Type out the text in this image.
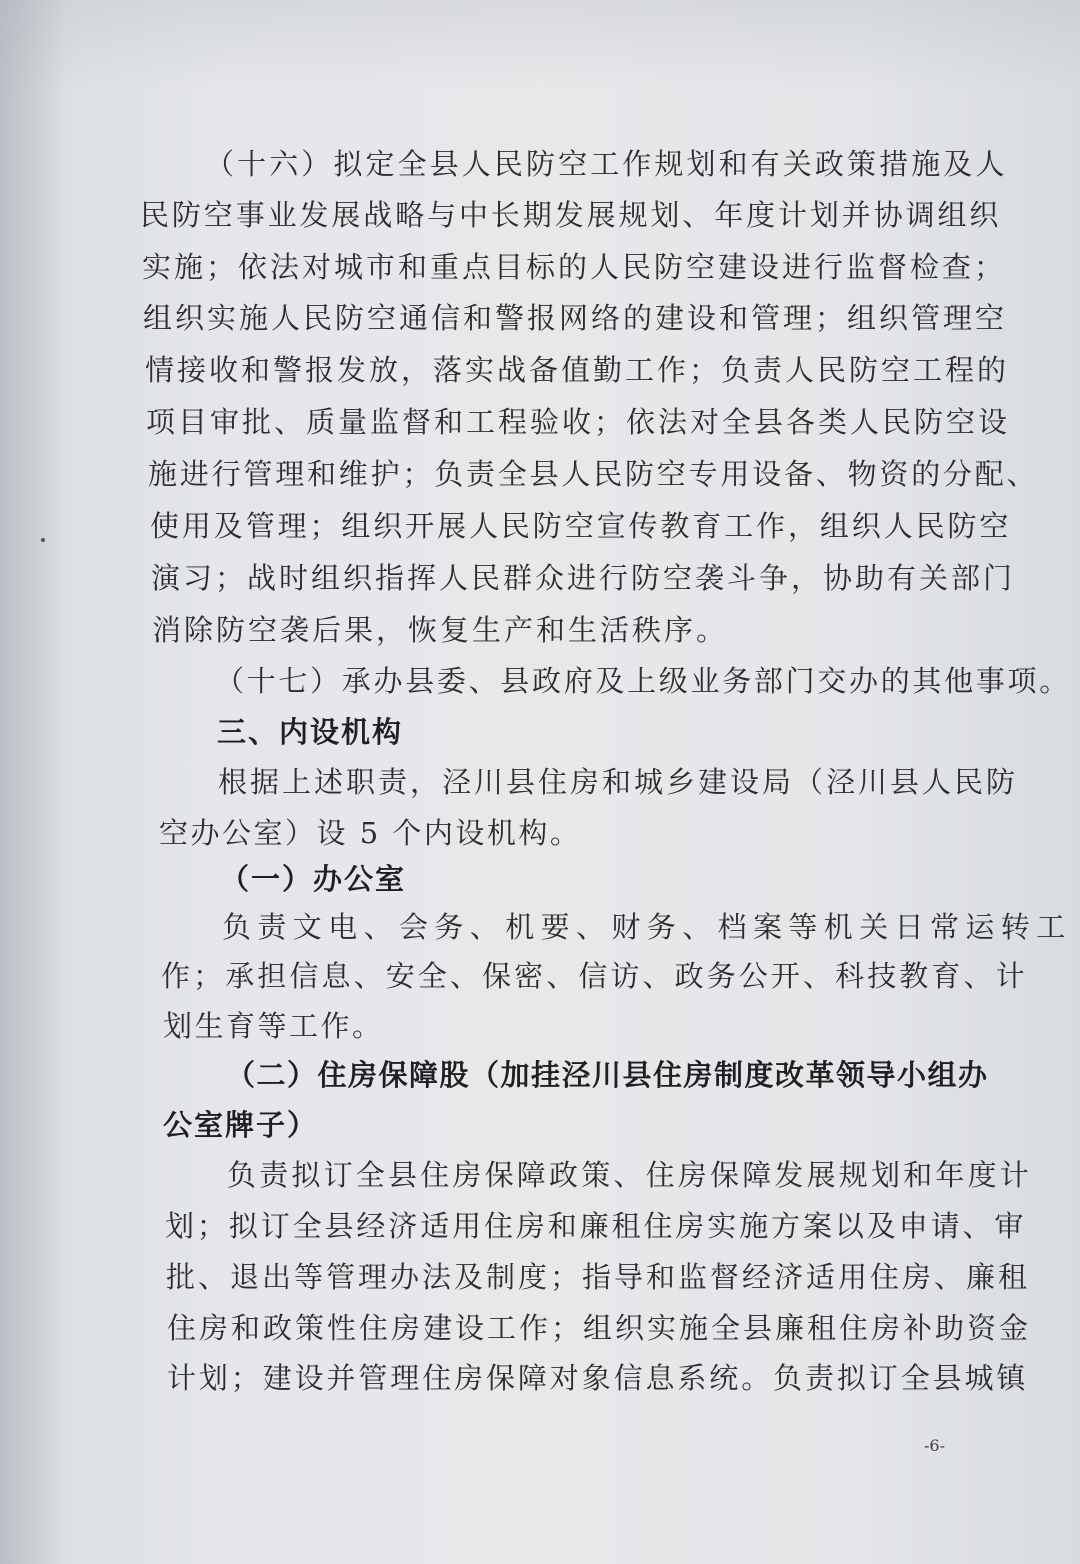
（十六）拟定全县人民防空工作规划和有关政策措施及人
民防空事业发展战略与中长期发展规划、年度计划并协调组织
实施；依法对城市和重点目标的人民防空建设进行监督检查；
组织实施人民防空通信和警报网络的建设和管理；组织管理空
情接收和警报发放，落实战备值勤工作；负责人民防空工程的
项目审批、质量监督和工程验收；依法对全县各类人民防空设
施进行管理和维护；负责全县人民防空专用设备、物资的分配、
使用及管理；组织开展人民防空宣传教育工作，组织人民防空
演习；战时组织指挥人民群众进行防空袭斗争，协助有关部门
消除防空袭后果，恢复生产和生活秩序。
（十七）承办县委、县政府及上级业务部门交办的其他事项。
三、内设机构
根据上述职责，泾川县住房和城乡建设局（泾川县人民防
空办公室）设 5 个内设机构。
（一）办公室
负责文电、会务、机要、财务、档案等机关日常运转工
作；承担信息、安全、保密、信访、政务公开、科技教育、计
划生育等工作。
（二）住房保障股（加挂泾川县住房制度改革领导小组办
公室牌子）
负责拟订全县住房保障政策、住房保障发展规划和年度计
划；拟订全县经济适用住房和廉租住房实施方案以及申请、审
批、退出等管理办法及制度；指导和监督经济适用住房、廉租
住房和政策性住房建设工作；组织实施全县廉租住房补助资金
计划；建设并管理住房保障对象信息系统。负责拟订全县城镇
-6-
